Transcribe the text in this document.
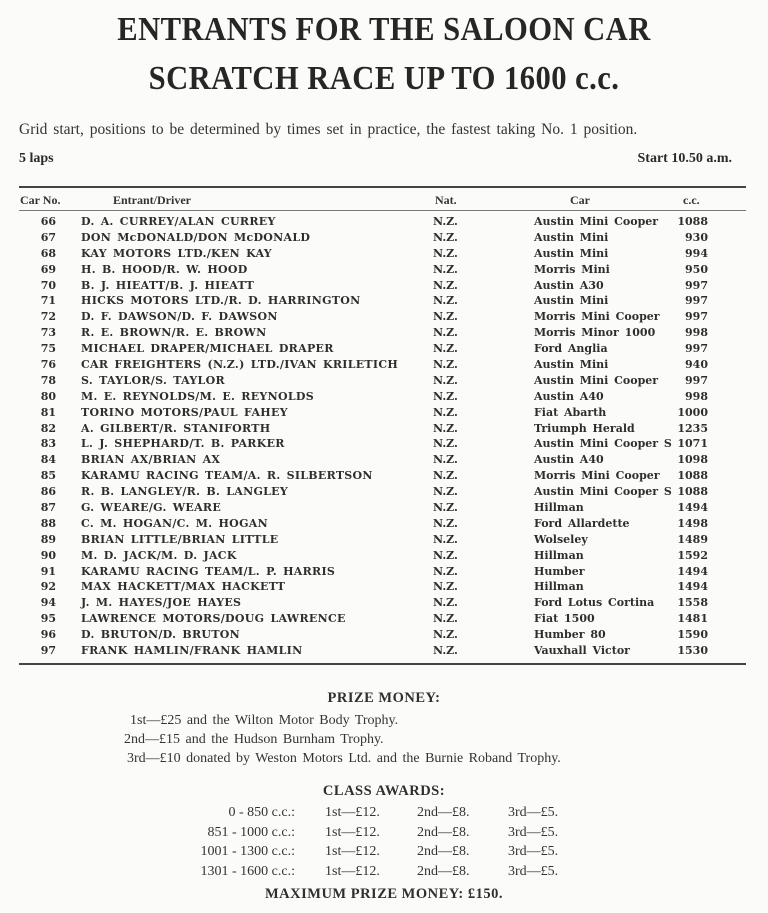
ENTRANTS FOR THE SALOON CAR
SCRATCH RACE UP TO 1600 c.c.
Grid start, positions to be determined by times set in practice, the fastest taking No. 1 position.
5 laps	Start 10.50 a.m.
Car No.	Entrant/Driver	Nat.	Car	c.c.
66 D. A. CURREY/ALAN CURREY	N.Z.	Austin Mini Cooper	1088
67 DON McDONALD/DON McDONALD	N.Z.	Austin Mini	930
68 KAY MOTORS LTD./KEN KAY	N.Z.	Austin Mini	994
69 H. B. HOOD/R. W. HOOD	N.Z.	Morris Mini	950
70 B. J. HIEATT/B. J. HIEATT	N.Z.	Austin A30	997
71 HICKS MOTORS LTD./R. D. HARRINGTON	N.Z.	Austin Mini	997
72 D. F. DAWSON/D. F. DAWSON	N.Z.	Morris Mini Cooper	997
73 R. E. BROWN/R. E. BROWN	N.Z.	Morris Minor 1000	998
75 MICHAEL DRAPER/MICHAEL DRAPER	N.Z.	Ford Anglia	997
76 CAR FREIGHTERS (N.Z.) LTD./IVAN KRILETICH	N.Z.	Austin Mini	940
78 S. TAYLOR/S. TAYLOR	N.Z.	Austin Mini Cooper	997
80 M. E. REYNOLDS/M. E. REYNOLDS	N.Z.	Austin A40	998
81 TORINO MOTORS/PAUL FAHEY	N.Z.	Fiat Abarth	1000
82 A. GILBERT/R. STANIFORTH	N.Z.	Triumph Herald	1235
83 L. J. SHEPHARD/T. B. PARKER	N.Z.	Austin Mini Cooper S 1071
84 BRIAN AX/BRIAN AX	N.Z.	Austin A40	1098
85 KARAMU RACING TEAM/A. R. SILBERTSON	N.Z.	Morris Mini Cooper	1088
86 R. B. LANGLEY/R. B. LANGLEY	N.Z.	Austin Mini Cooper S 1088
87 G. WEARE/G. WEARE	N.Z.	Hillman	1494
88 C. M. HOGAN/C. M. HOGAN	N.Z.	Ford Allardette	1498
89 BRIAN LITTLE/BRIAN LITTLE	N.Z.	Wolseley	1489
90 M. D. JACK/M. D. JACK	N.Z.	Hillman	1592
91 KARAMU RACING TEAM/L. P. HARRIS	N.Z.	Humber	1494
92 MAX HACKETT/MAX HACKETT	N.Z.	Hillman	1494
94 J. M. HAYES/JOE HAYES	N.Z.	Ford Lotus Cortina	1558
95 LAWRENCE MOTORS/DOUG LAWRENCE	N.Z.	Fiat 1500	1481
96 D. BRUTON/D. BRUTON	N.Z.	Humber 80	1590
97 FRANK HAMLIN/FRANK HAMLIN	N.Z.	Vauxhall Victor	1530
PRIZE MONEY:
1st—£25 and the Wilton Motor Body Trophy.
2nd—£15 and the Hudson Burnham Trophy.
3rd—£10 donated by Weston Motors Ltd. and the Burnie Roband Trophy.
CLASS AWARDS:
0 - 850 c.c.: 1st—£12.	2nd—£8.	3rd—£5.
851 - 1000 c.c.: 1st—£12.	2nd—£8.	3rd—£5.
1001 - 1300 c.c.: 1st—£12.	2nd—£8.	3rd—£5.
1301 - 1600 c.c.: 1st—£12.	2nd—£8.	3rd—£5.
MAXIMUM PRIZE MONEY: £150.
